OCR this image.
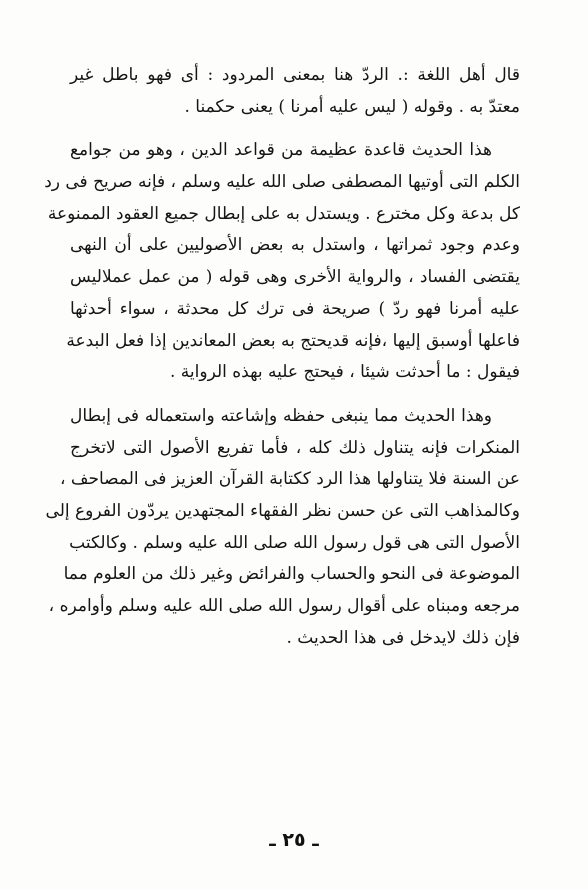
قال أهل اللغة :. الردّ هنا بمعنى المردود : أى فهو باطل غير
معتدّ به . وقوله ( ليس عليه أمرنا ) يعنى حكمنا .
هذا الحديث قاعدة عظيمة من قواعد الدين ، وهو من جوامع
الكلم التى أوتيها المصطفى صلى الله عليه وسلم ، فإنه صريح فى رد
كل بدعة وكل مخترع . ويستدل به على إبطال جميع العقود الممنوعة
وعدم وجود ثمراتها ، واستدل به بعض الأصوليين على أن النهى
يقتضى الفساد ، والرواية الأخرى وهى قوله ( من عمل عملاليس
عليه أمرنا فهو ردّ ) صريحة فى ترك كل محدثة ، سواء أحدثها
فاعلها أوسبق إليها ،فإنه قديحتج به بعض المعاندين إذا فعل البدعة
فيقول : ما أحدثت شيئا ، فيحتج عليه بهذه الرواية .
وهذا الحديث مما ينبغى حفظه وإشاعته واستعماله فى إبطال
المنكرات فإنه يتناول ذلك كله ، فأما تفريع الأصول التى لاتخرج
عن السنة فلا يتناولها هذا الرد ككتابة القرآن العزيز فى المصاحف ،
وكالمذاهب التى عن حسن نظر الفقهاء المجتهدين يردّون الفروع إلى
الأصول التى هى قول رسول الله صلى الله عليه وسلم . وكالكتب
الموضوعة فى النحو والحساب والفرائض وغير ذلك من العلوم مما
مرجعه ومبناه على أقوال رسول الله صلى الله عليه وسلم وأوامره ،
فإن ذلك لايدخل فى هذا الحديث .
ـ ٢٥ ـ
